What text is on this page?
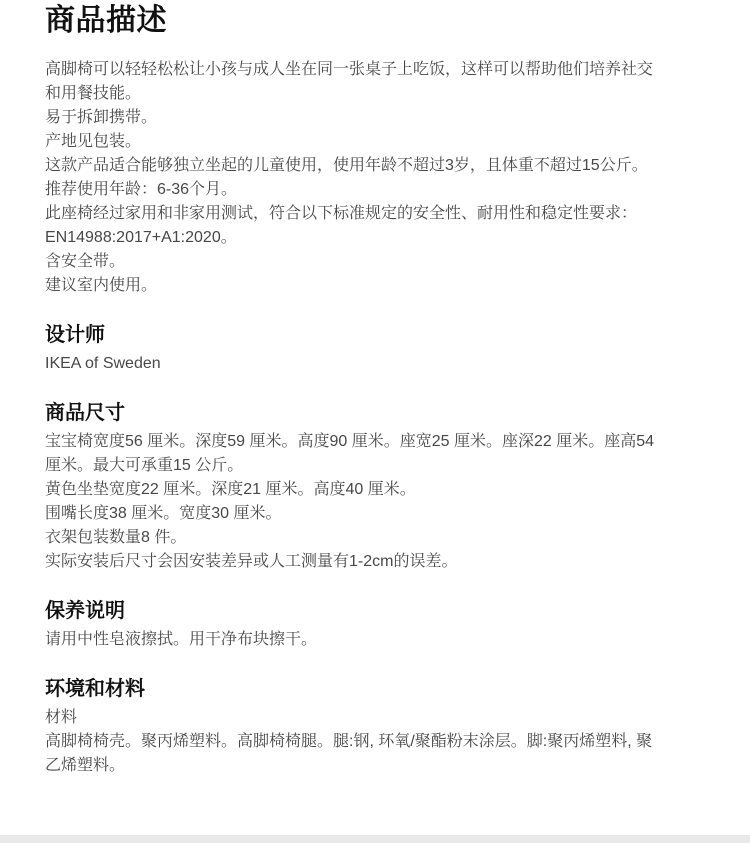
商品描述

高脚椅可以轻轻松松让小孩与成人坐在同一张桌子上吃饭，这样可以帮助他们培养社交和用餐技能。

易于拆卸携带。

产地见包装。

这款产品适合能够独立坐起的儿童使用，使用年龄不超过3岁，且体重不超过15公斤。

推荐使用年龄：6-36个月。

此座椅经过家用和非家用测试，符合以下标准规定的安全性、耐用性和稳定性要求：EN14988:2017+A1:2020。

含安全带。

建议室内使用。

设计师

IKEA of Sweden

商品尺寸

宝宝椅宽度56 厘米。深度59 厘米。高度90 厘米。座宽25 厘米。座深22 厘米。座高54 厘米。最大可承重15 公斤。

黄色坐垫宽度22 厘米。深度21 厘米。高度40 厘米。

围嘴长度38 厘米。宽度30 厘米。

衣架包装数量8 件。

实际安装后尺寸会因安装差异或人工测量有1-2cm的误差。

保养说明

请用中性皂液擦拭。用干净布块擦干。

环境和材料

材料

高脚椅椅壳。聚丙烯塑料。高脚椅椅腿。腿:钢, 环氧/聚酯粉末涂层。脚:聚丙烯塑料, 聚乙烯塑料。
